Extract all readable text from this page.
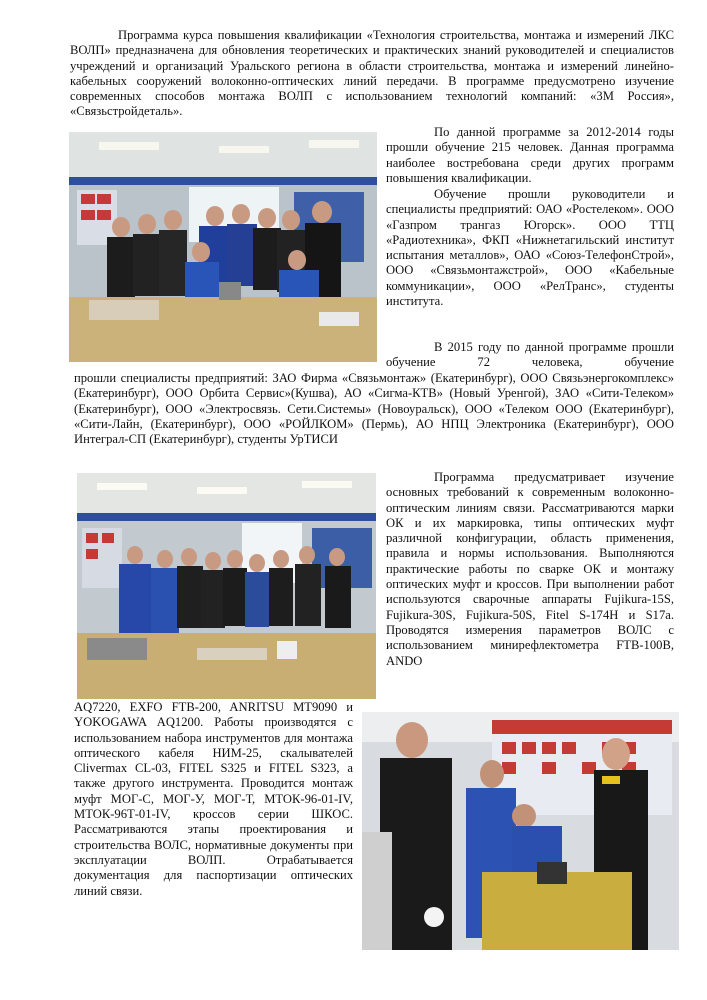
Программа курса повышения квалификации «Технология строительства, монтажа и измерений ЛКС ВОЛП» предназначена для обновления теоретических и практических знаний руководителей и специалистов учреждений и организаций Уральского региона в области строительства, монтажа и измерений линейно-кабельных сооружений волоконно-оптических линий передачи. В программе предусмотрено изучение современных способов монтажа ВОЛП с использованием технологий компаний: «3М Россия», «Связьстройдеталь».

По данной программе за 2012-2014 годы прошли обучение 215 человек. Данная программа наиболее востребована среди других программ повышения квалификации.

Обучение прошли руководители и специалисты предприятий: ОАО «Ростелеком». ООО «Газпром трангаз Югорск». ООО ТТЦ «Радиотехника», ФКП «Нижнетагильский институт испытания металлов», ОАО «Союз-ТелефонСтрой», ООО «Связьмонтажстрой», ООО «Кабельные коммуникации», ООО «РелТранс», студенты института.

В 2015 году по данной программе прошли обучение 72 человека, обучение

прошли специалисты предприятий: ЗАО Фирма «Связьмонтаж» (Екатеринбург), ООО Связьэнергокомплекс» (Екатеринбург), ООО Орбита Сервис»(Кушва), АО «Сигма-КТВ» (Новый Уренгой), ЗАО «Сити-Телеком» (Екатеринбург), ООО «Электросвязь. Сети.Системы» (Новоуральск), ООО «Телеком ООО (Екатеринбург), «Сити-Лайн, (Екатеринбург), ООО «РОЙЛКОМ» (Пермь), АО НПЦ Электроника (Екатеринбург), ООО Интеграл-СП (Екатеринбург), студенты УрТИСИ

Программа предусматривает изучение основных требований к современным волоконно-оптическим линиям связи. Рассматриваются марки ОК и их маркировка, типы оптических муфт различной конфигурации, область применения, правила и нормы использования. Выполняются практические работы по сварке ОК и монтажу оптических муфт и кроссов. При выполнении работ используются сварочные аппараты Fujikura-15S, Fujikura-30S, Fujikura-50S, Fitel S-174H и S17a. Проводятся измерения параметров ВОЛС с использованием минирефлектометра FTB-100B, ANDO

AQ7220, EXFO FTB-200, ANRITSU MT9090 и YOKOGAWA AQ1200. Работы производятся с использованием набора инструментов для монтажа оптического кабеля НИМ-25, скалывателей Clivermax CL-03, FITEL S325 и FITEL S323, а также другого инструмента. Проводится монтаж муфт МОГ-С, МОГ-У, МОГ-Т, МТОК-96-01-IV, МТОК-96Т-01-IV, кроссов серии ШКОС. Рассматриваются этапы проектирования и строительства ВОЛС, нормативные документы при эксплуатации ВОЛП. Отрабатывается документация для паспортизации оптических линий связи.
